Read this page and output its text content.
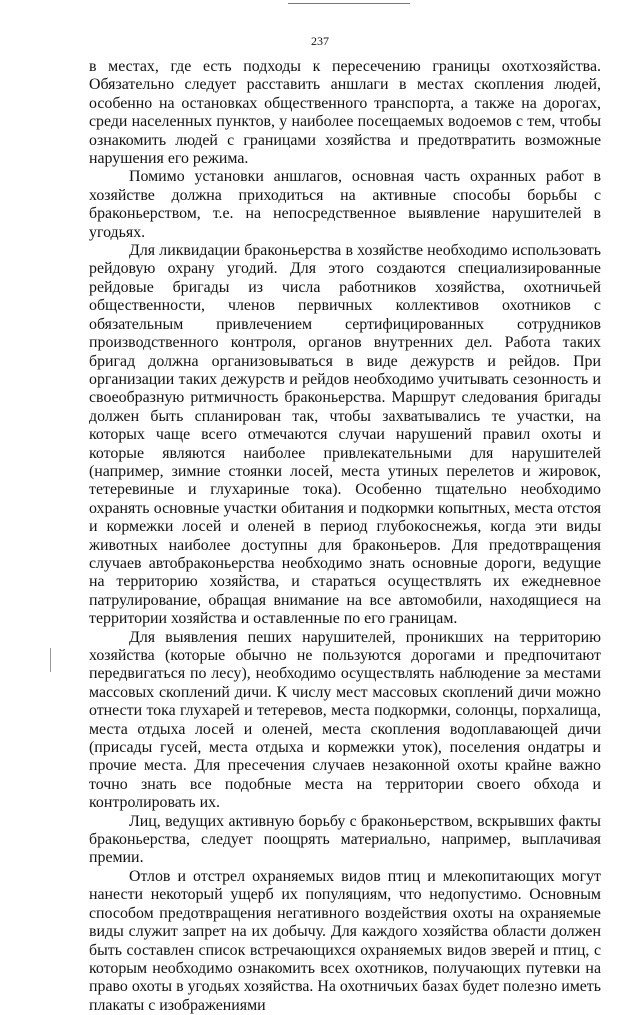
237

в местах, где есть подходы к пересечению границы охотхозяйства. Обязательно следует расставить аншлаги в местах скопления людей, особенно на остановках общественного транспорта, а также на дорогах, среди населенных пунктов, у наиболее посещаемых водоемов с тем, чтобы ознакомить людей с границами хозяйства и предотвратить возможные нарушения его режима.

Помимо установки аншлагов, основная часть охранных работ в хозяйстве должна приходиться на активные способы борьбы с браконьерством, т.е. на непосредственное выявление нарушителей в угодьях.

Для ликвидации браконьерства в хозяйстве необходимо использовать рейдовую охрану угодий. Для этого создаются специализированные рейдовые бригады из числа работников хозяйства, охотничьей общественности, членов первичных коллективов охотников с обязательным привлечением сертифицированных сотрудников производственного контроля, органов внутренних дел. Работа таких бригад должна организовываться в виде дежурств и рейдов. При организации таких дежурств и рейдов необходимо учитывать сезонность и своеобразную ритмичность браконьерства. Маршрут следования бригады должен быть спланирован так, чтобы захватывались те участки, на которых чаще всего отмечаются случаи нарушений правил охоты и которые являются наиболее привлекательными для нарушителей (например, зимние стоянки лосей, места утиных перелетов и жировок, тетеревиные и глухариные тока). Особенно тщательно необходимо охранять основные участки обитания и подкормки копытных, места отстоя и кормежки лосей и оленей в период глубокоснежья, когда эти виды животных наиболее доступны для браконьеров. Для предотвращения случаев автобраконьерства необходимо знать основные дороги, ведущие на территорию хозяйства, и стараться осуществлять их ежедневное патрулирование, обращая внимание на все автомобили, находящиеся на территории хозяйства и оставленные по его границам.

Для выявления пеших нарушителей, проникших на территорию хозяйства (которые обычно не пользуются дорогами и предпочитают передвигаться по лесу), необходимо осуществлять наблюдение за местами массовых скоплений дичи. К числу мест массовых скоплений дичи можно отнести тока глухарей и тетеревов, места подкормки, солонцы, порхалища, места отдыха лосей и оленей, места скопления водоплавающей дичи (присады гусей, места отдыха и кормежки уток), поселения ондатры и прочие места. Для пресечения случаев незаконной охоты крайне важно точно знать все подобные места на территории своего обхода и контролировать их.

Лиц, ведущих активную борьбу с браконьерством, вскрывших факты браконьерства, следует поощрять материально, например, выплачивая премии.

Отлов и отстрел охраняемых видов птиц и млекопитающих могут нанести некоторый ущерб их популяциям, что недопустимо. Основным способом предотвращения негативного воздействия охоты на охраняемые виды служит запрет на их добычу. Для каждого хозяйства области должен быть составлен список встречающихся охраняемых видов зверей и птиц, с которым необходимо ознакомить всех охотников, получающих путевки на право охоты в угодьях хозяйства. На охотничьих базах будет полезно иметь плакаты с изображениями
